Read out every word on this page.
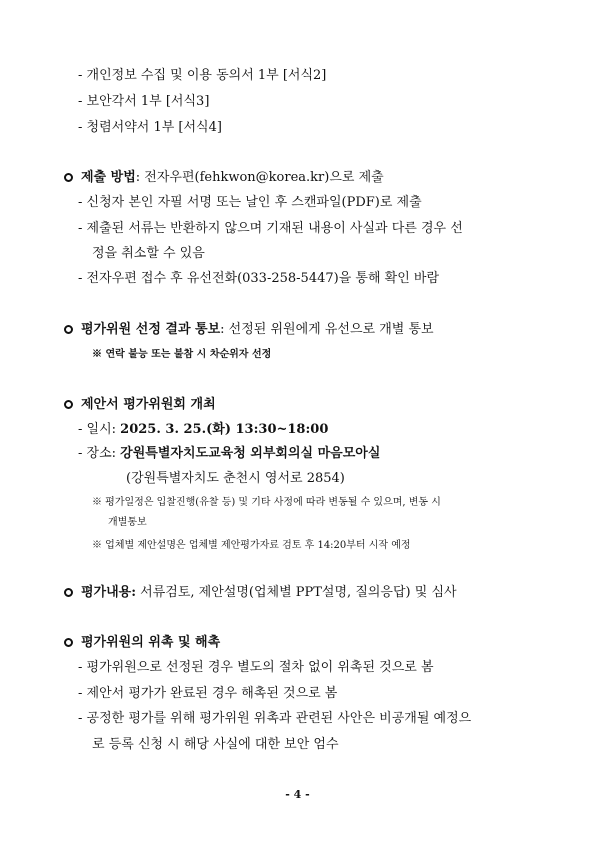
- 개인정보 수집 및 이용 동의서 1부 [서식2]
- 보안각서 1부 [서식3]
- 청렴서약서 1부 [서식4]
제출 방법: 전자우편(fehkwon@korea.kr)으로 제출
- 신청자 본인 자필 서명 또는 날인 후 스캔파일(PDF)로 제출
- 제출된 서류는 반환하지 않으며 기재된 내용이 사실과 다른 경우 선
정을 취소할 수 있음
- 전자우편 접수 후 유선전화(033-258-5447)을 통해 확인 바람
평가위원 선정 결과 통보: 선정된 위원에게 유선으로 개별 통보
※ 연락 불능 또는 불참 시 차순위자 선정
제안서 평가위원회 개최
- 일시: 2025. 3. 25.(화) 13:30~18:00
- 장소: 강원특별자치도교육청 외부회의실 마음모아실
(강원특별자치도 춘천시 영서로 2854)
※ 평가일정은 입찰진행(유찰 등) 및 기타 사정에 따라 변동될 수 있으며, 변동 시
개별통보
※ 업체별 제안설명은 업체별 제안평가자료 검토 후 14:20부터 시작 예정
평가내용: 서류검토, 제안설명(업체별 PPT설명, 질의응답) 및 심사
평가위원의 위촉 및 해촉
- 평가위원으로 선정된 경우 별도의 절차 없이 위촉된 것으로 봄
- 제안서 평가가 완료된 경우 해촉된 것으로 봄
- 공정한 평가를 위해 평가위원 위촉과 관련된 사안은 비공개될 예정으
로 등록 신청 시 해당 사실에 대한 보안 엄수
- 4 -
